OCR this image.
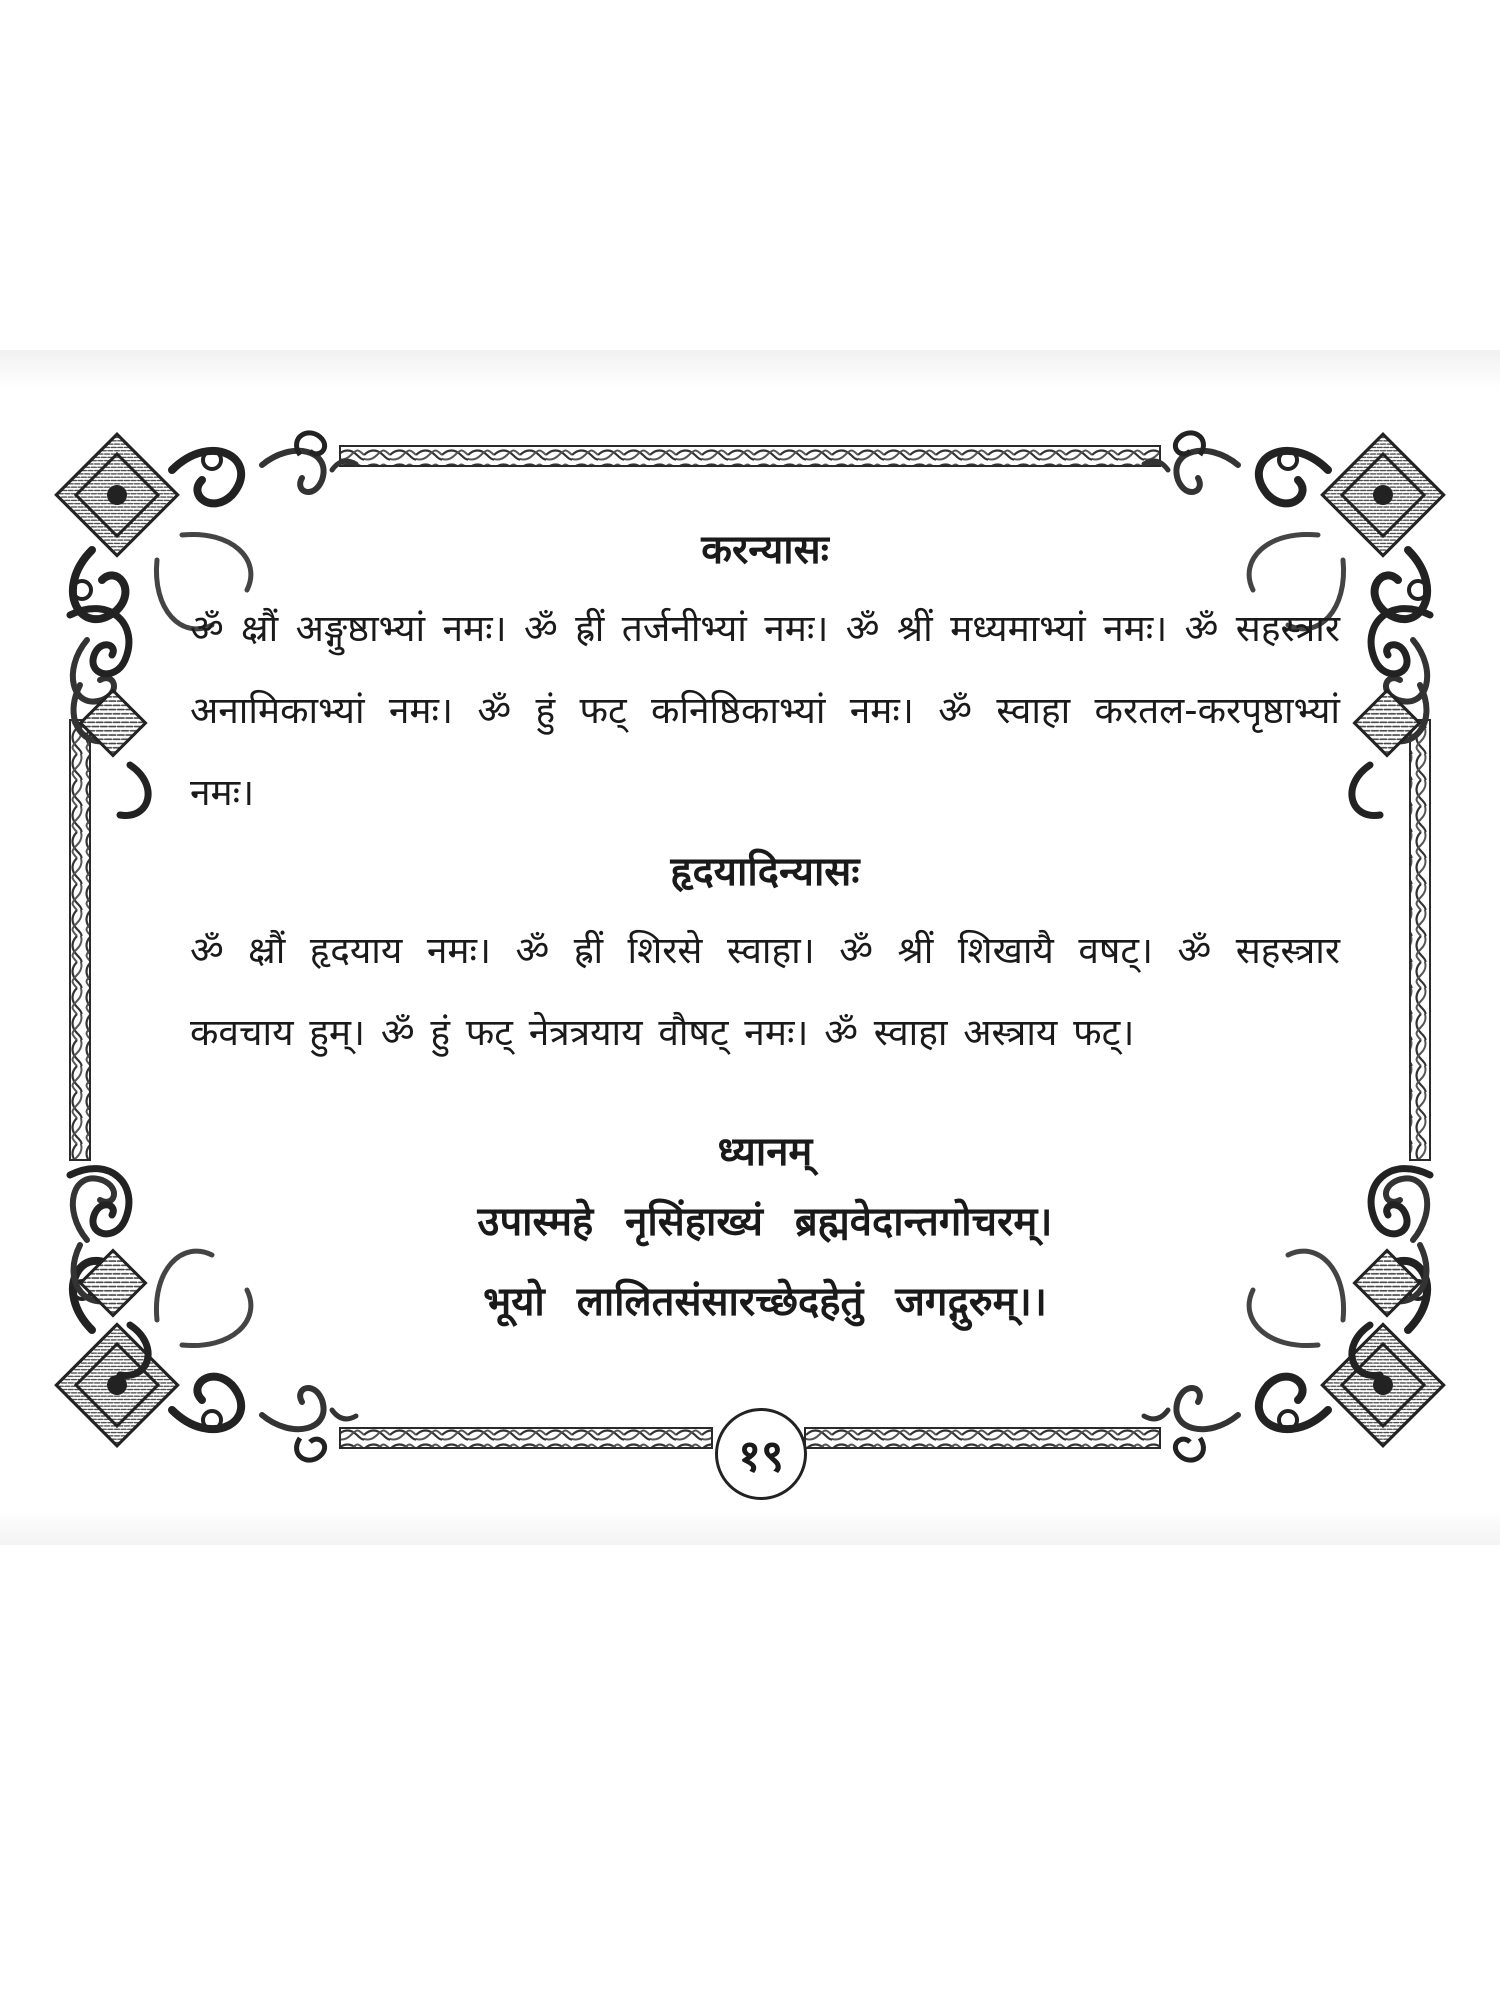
करन्यासः

ॐ क्ष्रौं अङ्गुष्ठाभ्यां नमः। ॐ ह्रीं तर्जनीभ्यां नमः। ॐ श्रीं मध्यमाभ्यां नमः। ॐ सहस्त्रार अनामिकाभ्यां नमः। ॐ हुं फट् कनिष्ठिकाभ्यां नमः। ॐ स्वाहा करतल-करपृष्ठाभ्यां नमः।

हृदयादिन्यासः

ॐ क्ष्रौं हृदयाय नमः। ॐ ह्रीं शिरसे स्वाहा। ॐ श्रीं शिखायै वषट्। ॐ सहस्त्रार कवचाय हुम्। ॐ हुं फट् नेत्रत्रयाय वौषट् नमः। ॐ स्वाहा अस्त्राय फट्।

ध्यानम्

उपास्महे नृसिंहाख्यं ब्रह्मवेदान्तगोचरम्।

भूयो लालितसंसारच्छेदहेतुं जगद्गुरुम्।।

१९
